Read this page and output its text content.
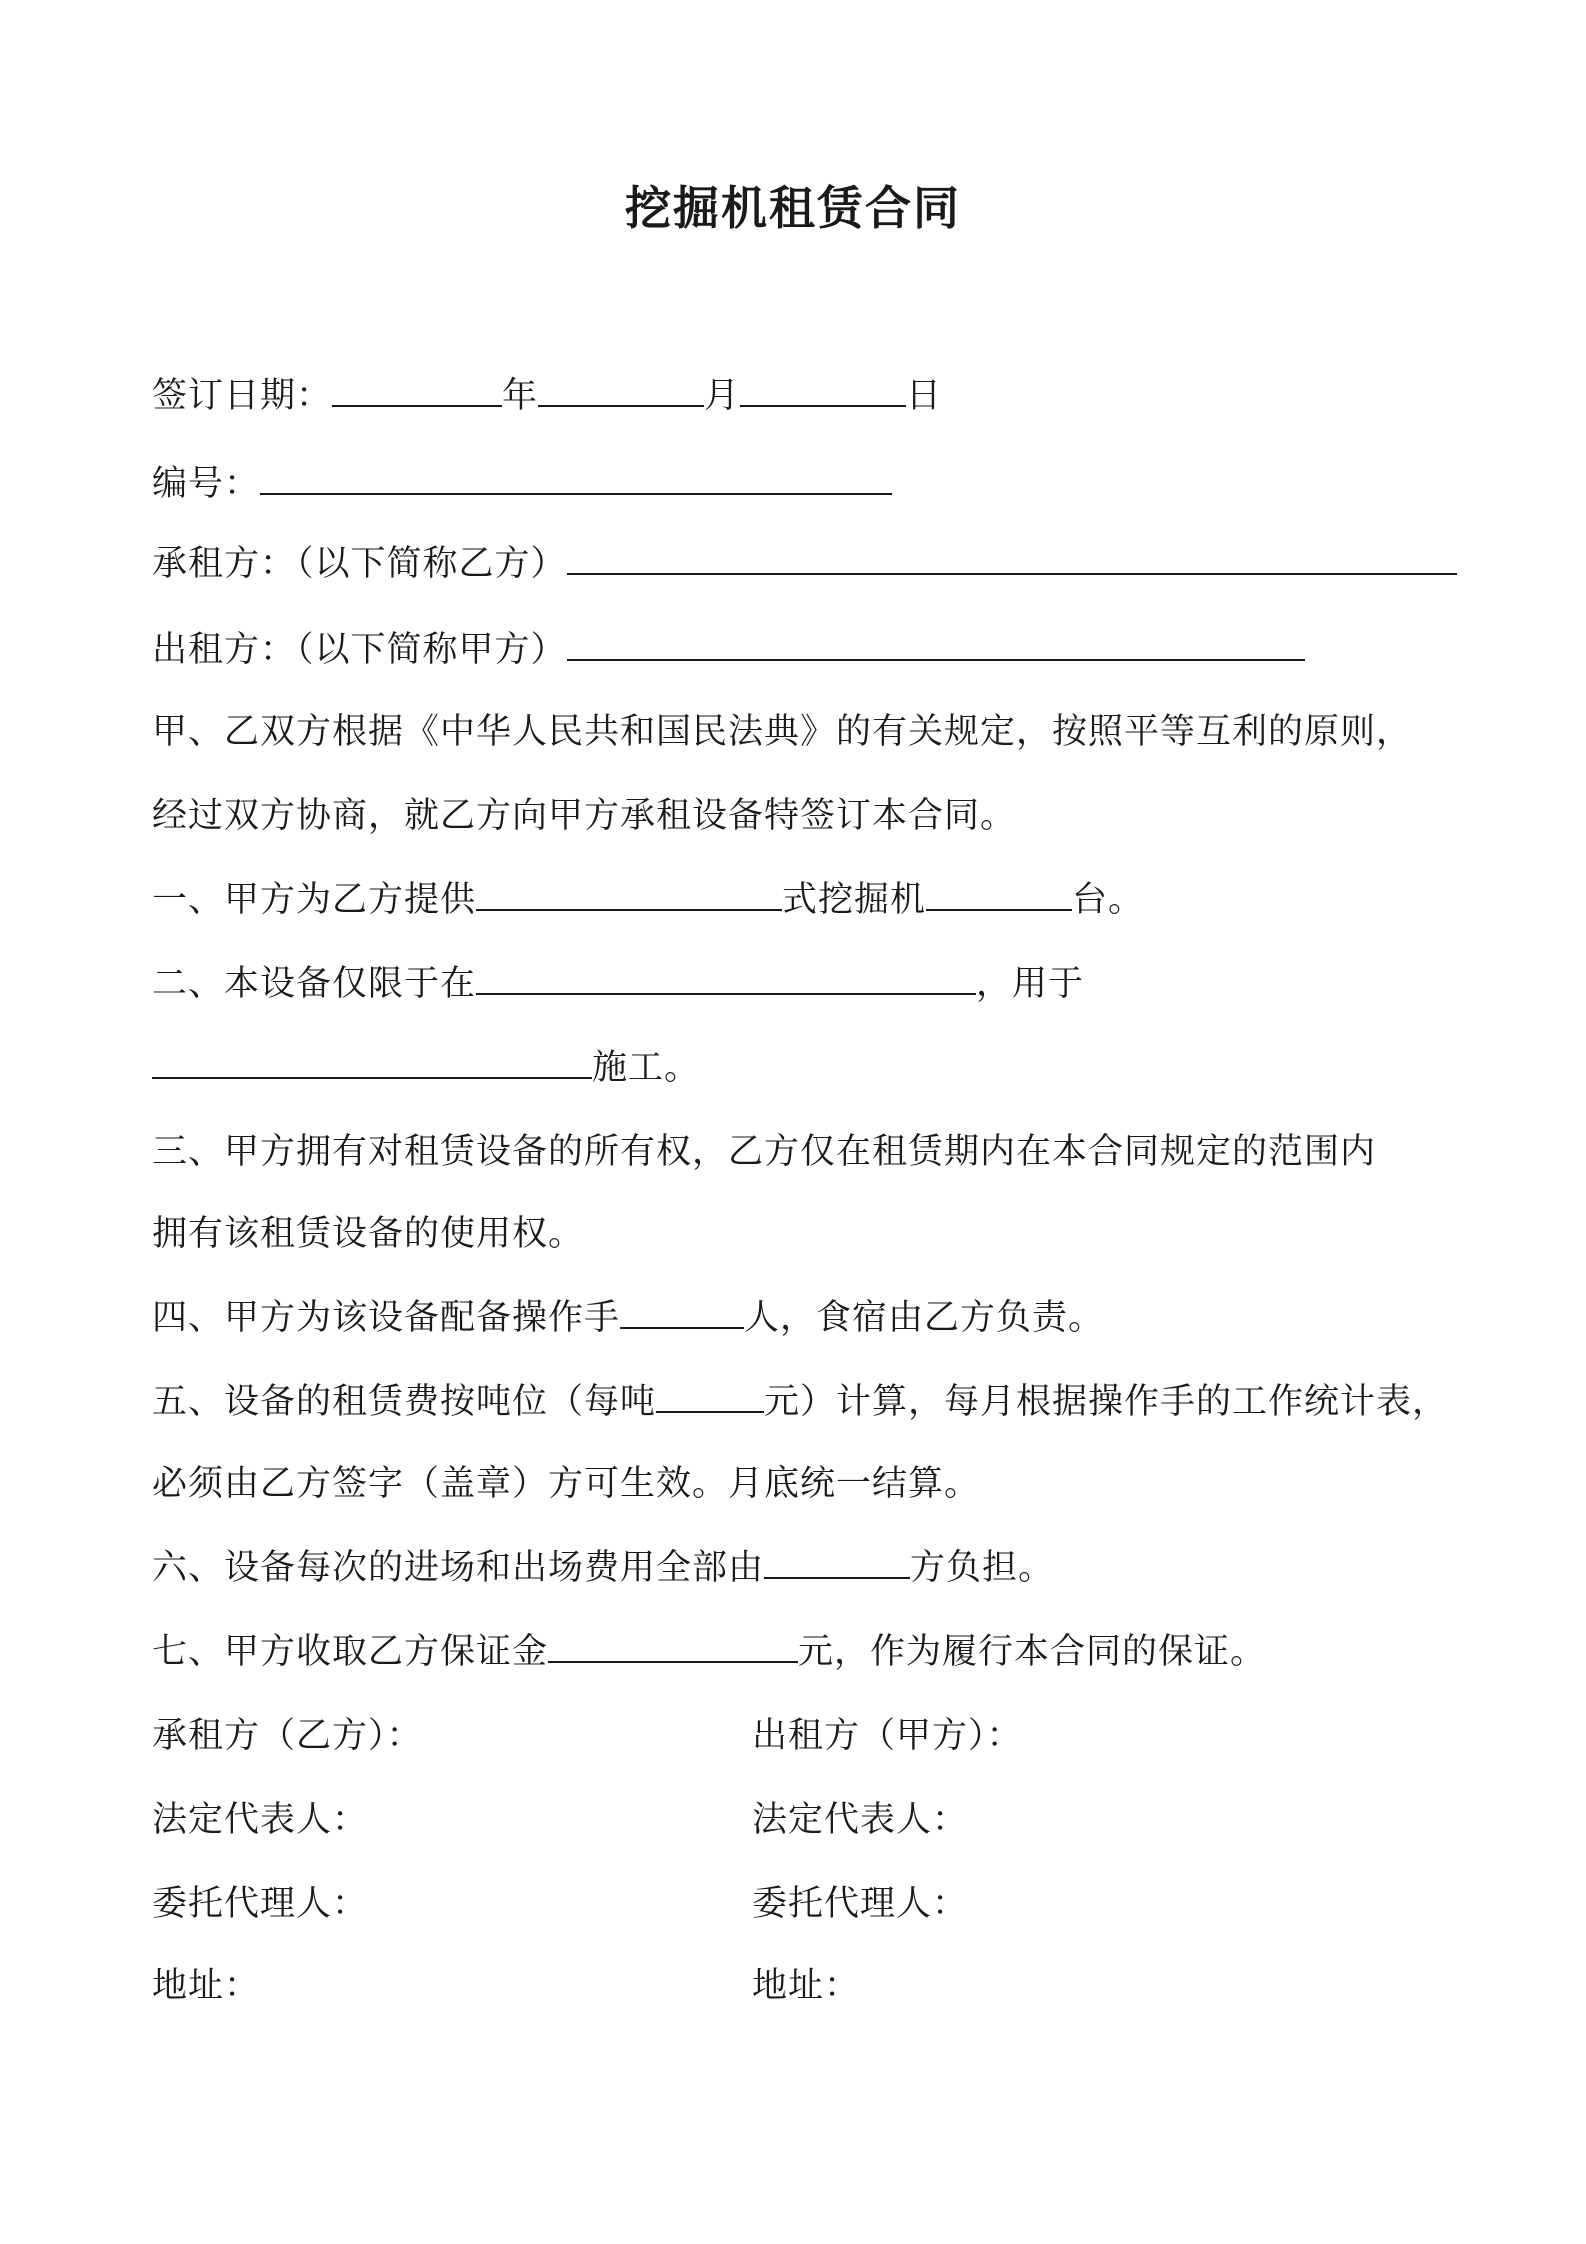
挖掘机租赁合同
签订日期：	年	月	日
编号：
承租方：（以下简称乙方）
出租方：（以下简称甲方）
甲、乙双方根据《中华人民共和国民法典》的有关规定，按照平等互利的原则，
经过双方协商，就乙方向甲方承租设备特签订本合同。
一、甲方为乙方提供	式挖掘机	台。
二、本设备仅限于在	，用于
施工。
三、甲方拥有对租赁设备的所有权，乙方仅在租赁期内在本合同规定的范围内
拥有该租赁设备的使用权。
四、甲方为该设备配备操作手	人，食宿由乙方负责。
五、设备的租赁费按吨位（每吨	元）计算，每月根据操作手的工作统计表，
必须由乙方签字（盖章）方可生效。月底统一结算。
六、设备每次的进场和出场费用全部由	方负担。
七、甲方收取乙方保证金	元，作为履行本合同的保证。
承租方（乙方）：	出租方（甲方）：
法定代表人：	法定代表人：
委托代理人：	委托代理人：
地址：	地址：
